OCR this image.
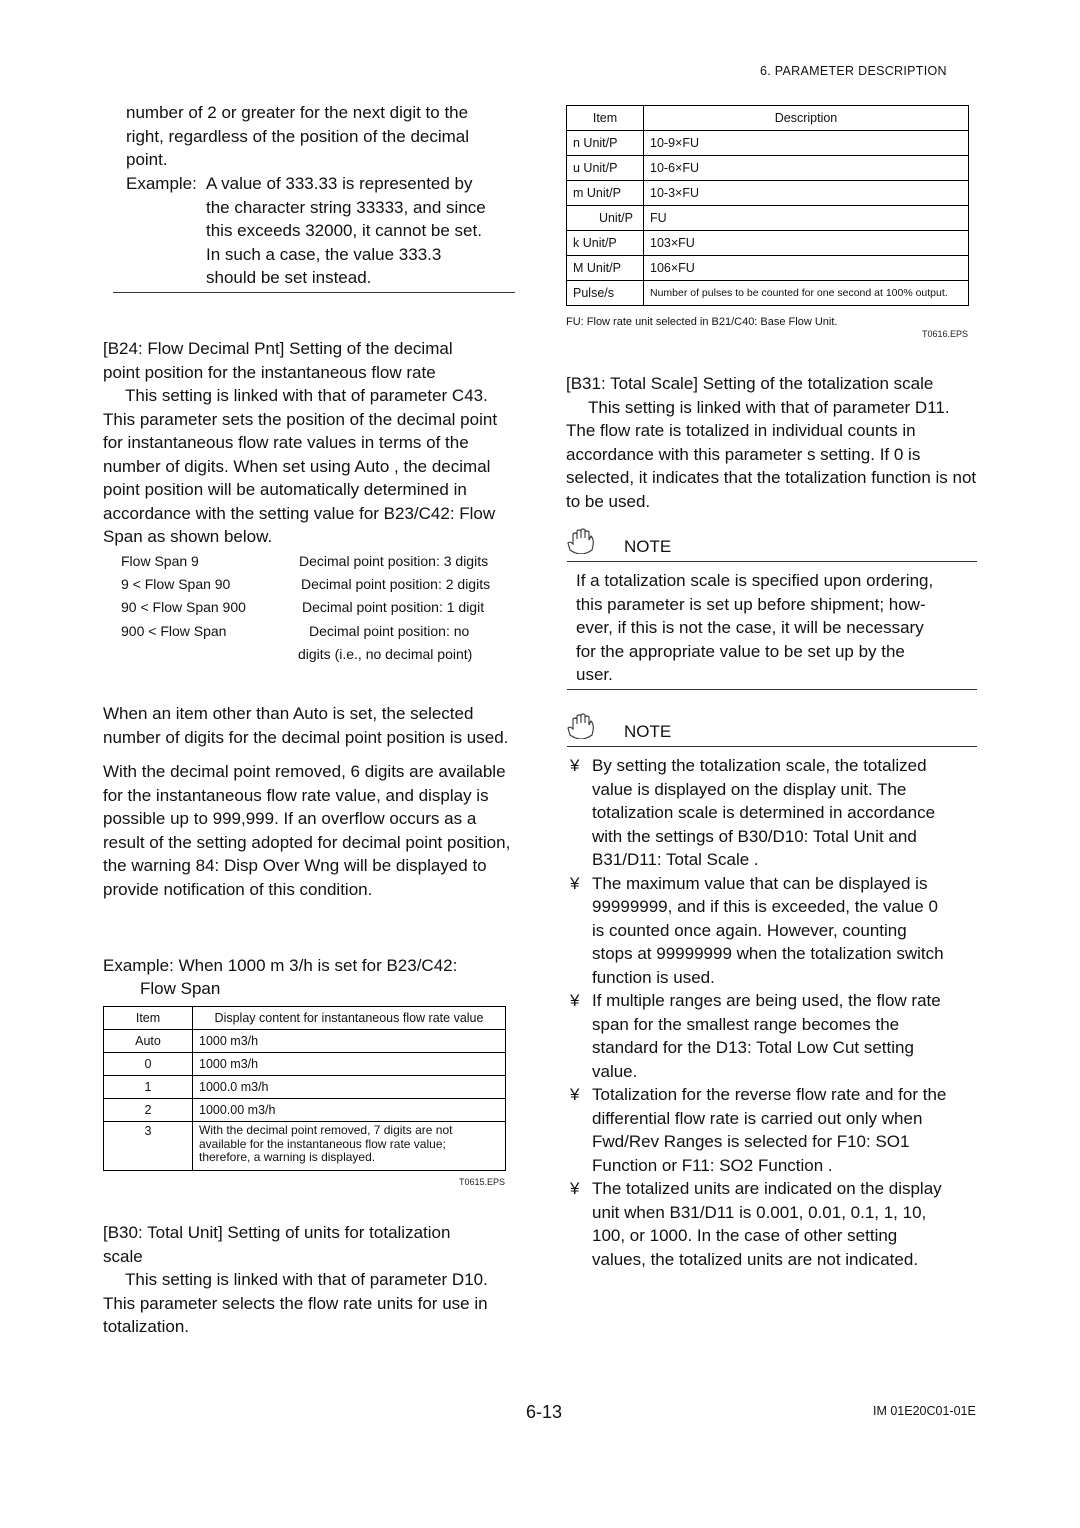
6. PARAMETER DESCRIPTION

number of 2 or greater for the next digit to the

right, regardless of the position of the decimal

point.

Example: A value of 333.33 is represented by

the character string 33333, and since

this exceeds 32000, it cannot be set.

In such a case, the value 333.3

should be set instead.

[B24: Flow Decimal Pnt] Setting of the decimal

point position for the instantaneous flow rate

This setting is linked with that of parameter C43.

This parameter sets the position of the decimal point

for instantaneous flow rate values in terms of the

number of digits. When set using Auto , the decimal

point position will be automatically determined in

accordance with the setting value for B23/C42: Flow

Span as shown below.

Flow Span 9	Decimal point position: 3 digits
9 < Flow Span 90	Decimal point position: 2 digits
90 < Flow Span 900	Decimal point position: 1 digit
900 < Flow Span	Decimal point position: no
digits (i.e., no decimal point)

When an item other than Auto is set, the selected

number of digits for the decimal point position is used.

With the decimal point removed, 6 digits are available

for the instantaneous flow rate value, and display is

possible up to 999,999. If an overflow occurs as a

result of the setting adopted for decimal point position,

the warning 84: Disp Over Wng will be displayed to

provide notification of this condition.

Example: When 1000 m 3/h is set for B23/C42:
Flow Span
Item	Display content for instantaneous flow rate value
Auto	1000 m3/h
0	1000 m3/h
1	1000.0 m3/h
2	1000.00 m3/h
3	With the decimal point removed, 7 digits are not
available for the instantaneous flow rate value;
therefore, a warning is displayed.
T0615.EPS

[B30: Total Unit] Setting of units for totalization

scale

This setting is linked with that of parameter D10.

This parameter selects the flow rate units for use in

totalization.

Item	Description
n Unit/P	10-9×FU
u Unit/P	10-6×FU
m Unit/P	10-3×FU
Unit/P	FU
k Unit/P	103×FU
M Unit/P	106×FU
Pulse/s	Number of pulses to be counted for one second at 100% output.
FU: Flow rate unit selected in B21/C40: Base Flow Unit.
T0616.EPS

[B31: Total Scale] Setting of the totalization scale

This setting is linked with that of parameter D11.

The flow rate is totalized in individual counts in

accordance with this parameter s setting. If 0 is

selected, it indicates that the totalization function is not

to be used.

NOTE

If a totalization scale is specified upon ordering,

this parameter is set up before shipment; how-

ever, if this is not the case, it will be necessary

for the appropriate value to be set up by the

user.

NOTE
¥ By setting the totalization scale, the totalized
value is displayed on the display unit. The
totalization scale is determined in accordance
with the settings of B30/D10: Total Unit and
B31/D11: Total Scale .
¥ The maximum value that can be displayed is
99999999, and if this is exceeded, the value 0
is counted once again. However, counting
stops at 99999999 when the totalization switch
function is used.
¥ If multiple ranges are being used, the flow rate
span for the smallest range becomes the
standard for the D13: Total Low Cut setting
value.
¥ Totalization for the reverse flow rate and for the
differential flow rate is carried out only when
Fwd/Rev Ranges is selected for F10: SO1
Function or F11: SO2 Function .
¥ The totalized units are indicated on the display
unit when B31/D11 is 0.001, 0.01, 0.1, 1, 10,
100, or 1000. In the case of other setting
values, the totalized units are not indicated.
6-13	IM 01E20C01-01E
